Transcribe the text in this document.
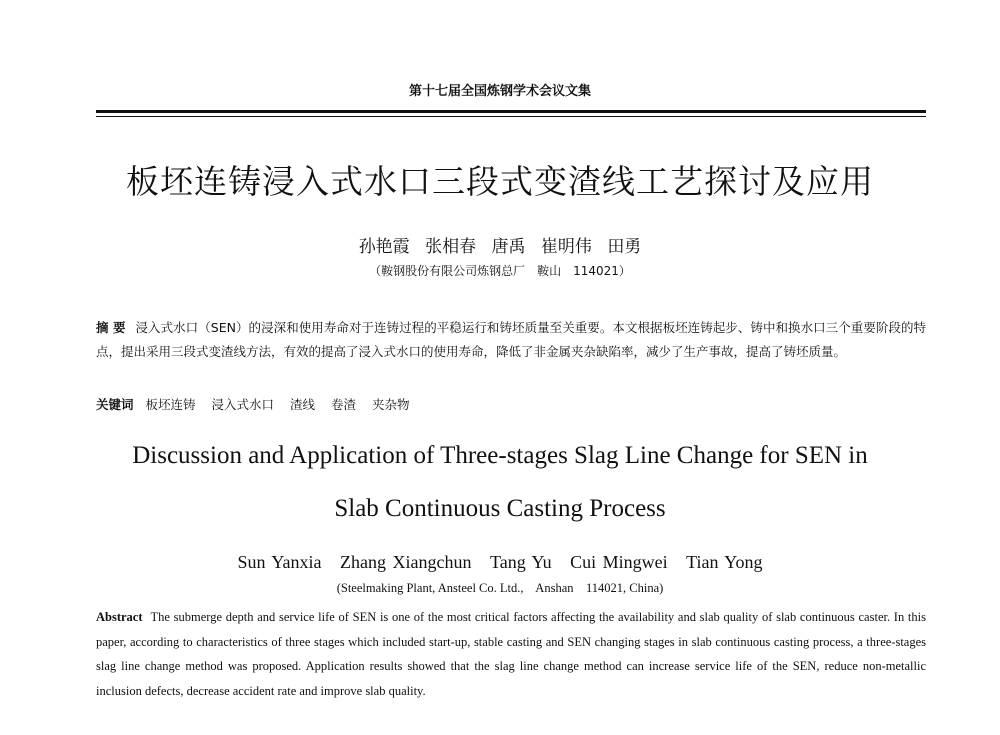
第十七届全国炼钢学术会议文集
板坯连铸浸入式水口三段式变渣线工艺探讨及应用
孙艳霞 张相春 唐禹 崔明伟 田勇
（鞍钢股份有限公司炼钢总厂　鞍山　114021）
摘 要 浸入式水口（SEN）的浸深和使用寿命对于连铸过程的平稳运行和铸坯质量至关重要。本文根据板坯连铸起步、铸中和换水口三个重要阶段的特点，提出采用三段式变渣线方法，有效的提高了浸入式水口的使用寿命，降低了非金属夹杂缺陷率，减少了生产事故，提高了铸坯质量。
关键词 板坯连铸 浸入式水口 渣线 卷渣 夹杂物
Discussion and Application of Three-stages Slag Line Change for SEN in
Slab Continuous Casting Process
Sun Yanxia Zhang Xiangchun Tang Yu Cui Mingwei Tian Yong
(Steelmaking Plant, Ansteel Co. Ltd.,    Anshan    114021, China)
Abstract The submerge depth and service life of SEN is one of the most critical factors affecting the availability and slab quality of slab continuous caster. In this paper, according to characteristics of three stages which included start-up, stable casting and SEN changing stages in slab continuous casting process, a three-stages slag line change method was proposed. Application results showed that the slag line change method can increase service life of the SEN, reduce non-metallic inclusion defects, decrease accident rate and improve slab quality.
